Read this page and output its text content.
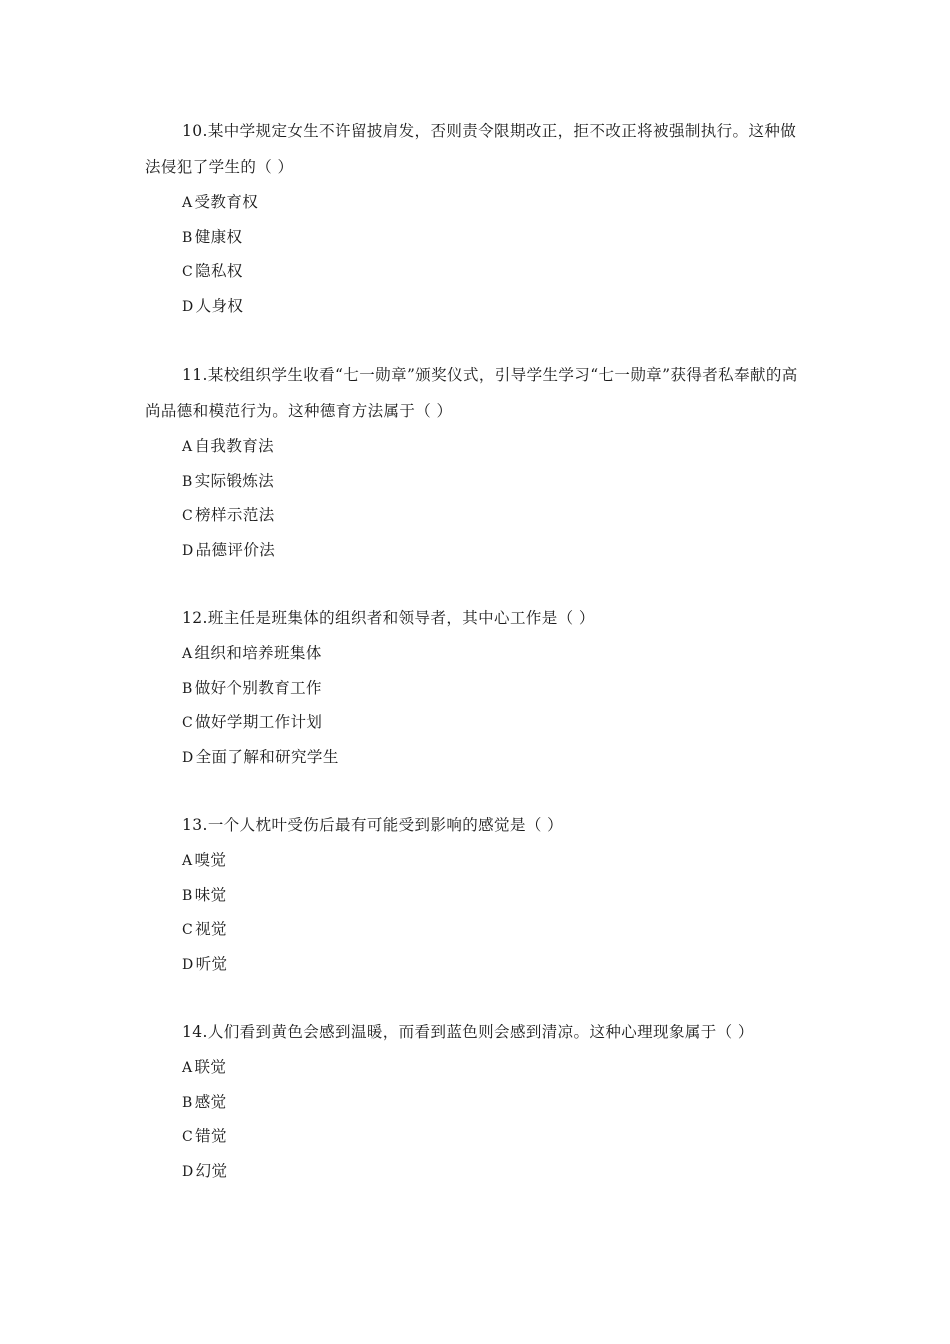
10.某中学规定女生不许留披肩发，否则责令限期改正，拒不改正将被强制执行。这种做法侵犯了学生的（ ）

A 受教育权
B 健康权
C 隐私权
D 人身权

11.某校组织学生收看“七一勋章”颁奖仪式，引导学生学习“七一勋章”获得者私奉献的高尚品德和模范行为。这种德育方法属于（ ）

A 自我教育法
B 实际锻炼法
C 榜样示范法
D 品德评价法

12.班主任是班集体的组织者和领导者，其中心工作是（ ）

A 组织和培养班集体
B 做好个别教育工作
C 做好学期工作计划
D 全面了解和研究学生

13.一个人枕叶受伤后最有可能受到影响的感觉是（ ）

A 嗅觉
B 味觉
C 视觉
D 听觉

14.人们看到黄色会感到温暖，而看到蓝色则会感到清凉。这种心理现象属于（ ）

A 联觉
B 感觉
C 错觉
D 幻觉
